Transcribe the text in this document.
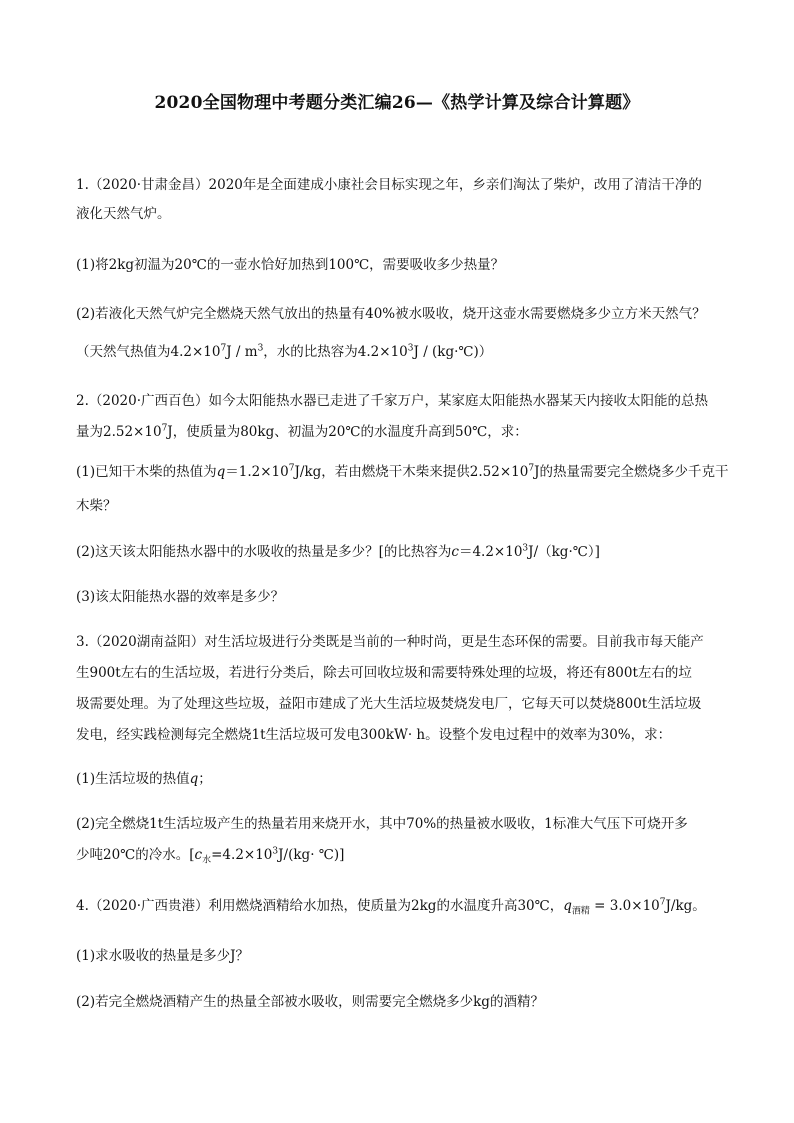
2020全国物理中考题分类汇编26—《热学计算及综合计算题》
1.（2020·甘肃金昌）2020年是全面建成小康社会目标实现之年，乡亲们淘汰了柴炉，改用了清洁干净的
液化天然气炉。
(1)将2kg初温为20℃的一壶水恰好加热到100℃，需要吸收多少热量？
(2)若液化天然气炉完全燃烧天然气放出的热量有40%被水吸收，烧开这壶水需要燃烧多少立方米天然气？
（天然气热值为$4.2\times 10^7J / m^3$，水的比热容为$4.2\times 10^3J$ / (kg·℃)）
2.（2020·广西百色）如今太阳能热水器已走进了千家万户，某家庭太阳能热水器某天内接收太阳能的总热
量为$2.52\times 10^7J$，使质量为80kg、初温为20℃的水温度升高到50℃，求：
(1)已知干木柴的热值为$q=1.2\times 10^7J/kg$，若由燃烧干木柴来提供$2.52\times 10^7J$的热量需要完全燃烧多少千克干
木柴？
(2)这天该太阳能热水器中的水吸收的热量是多少？[的比热容为$c=4.2\times 10^3J/(kg\cdot℃)$]
(3)该太阳能热水器的效率是多少？
3.（2020湖南益阳）对生活垃圾进行分类既是当前的一种时尚，更是生态环保的需要。目前我市每天能产
生900t左右的生活垃圾，若进行分类后，除去可回收垃圾和需要特殊处理的垃圾，将还有800t左右的垃
圾需要处理。为了处理这些垃圾，益阳市建成了光大生活垃圾焚烧发电厂，它每天可以焚烧800t生活垃圾
发电，经实践检测每完全燃烧1t生活垃圾可发电300kW· h。设整个发电过程中的效率为30%，求：
(1)生活垃圾的热值q；
(2)完全燃烧1t生活垃圾产生的热量若用来烧开水，其中70%的热量被水吸收，1标准大气压下可烧开多
少吨20℃的冷水。[$c_水=4.2\times 10^3J/(kg\cdot$ ℃)]
4.（2020·广西贵港）利用燃烧酒精给水加热，使质量为2kg的水温度升高30℃，$q_{酒精} = 3.0\times 10^7J/kg$。
(1)求水吸收的热量是多少J？
(2)若完全燃烧酒精产生的热量全部被水吸收，则需要完全燃烧多少kg的酒精？
